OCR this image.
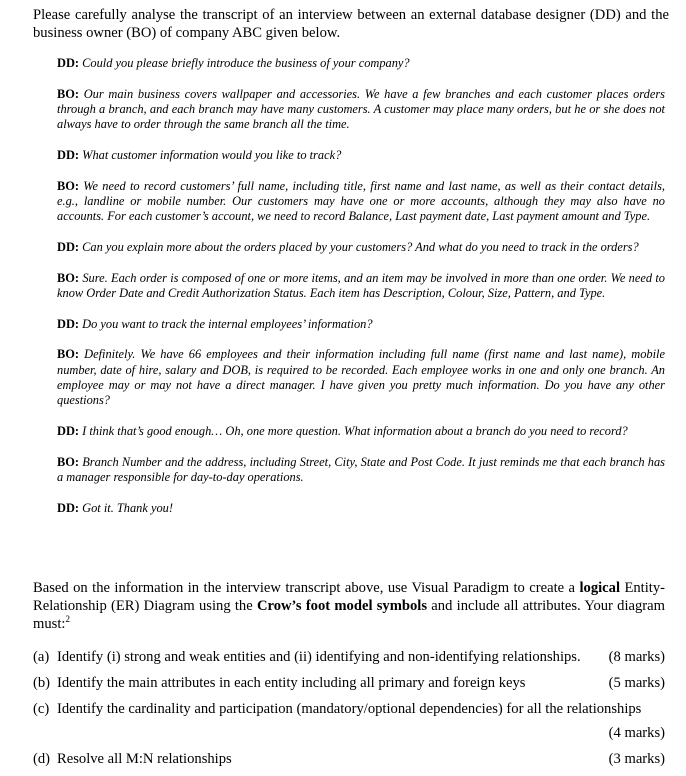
Please carefully analyse the transcript of an interview between an external database designer (DD) and the business owner (BO) of company ABC given below.

DD: Could you please briefly introduce the business of your company?

BO: Our main business covers wallpaper and accessories. We have a few branches and each customer places orders through a branch, and each branch may have many customers. A customer may place many orders, but he or she does not always have to order through the same branch all the time.

DD: What customer information would you like to track?

BO: We need to record customers’ full name, including title, first name and last name, as well as their contact details, e.g., landline or mobile number. Our customers may have one or more accounts, although they may also have no accounts. For each customer’s account, we need to record Balance, Last payment date, Last payment amount and Type.

DD: Can you explain more about the orders placed by your customers? And what do you need to track in the orders?

BO: Sure. Each order is composed of one or more items, and an item may be involved in more than one order. We need to know Order Date and Credit Authorization Status. Each item has Description, Colour, Size, Pattern, and Type.

DD: Do you want to track the internal employees’ information?

BO: Definitely. We have 66 employees and their information including full name (first name and last name), mobile number, date of hire, salary and DOB, is required to be recorded. Each employee works in one and only one branch. An employee may or may not have a direct manager. I have given you pretty much information. Do you have any other questions?

DD: I think that’s good enough… Oh, one more question. What information about a branch do you need to record?

BO: Branch Number and the address, including Street, City, State and Post Code. It just reminds me that each branch has a manager responsible for day-to-day operations.

DD: Got it. Thank you!

Based on the information in the interview transcript above, use Visual Paradigm to create a logical Entity-Relationship (ER) Diagram using the Crow’s foot model symbols and include all attributes. Your diagram must:$^2$
(a) Identify (i) strong and weak entities and (ii) identifying and non-identifying relationships.	(8 marks)
(b) Identify the main attributes in each entity including all primary and foreign keys	(5 marks)
(c) Identify the cardinality and participation (mandatory/optional dependencies) for all the relationships
(4 marks)
(d) Resolve all M:N relationships	(3 marks)
